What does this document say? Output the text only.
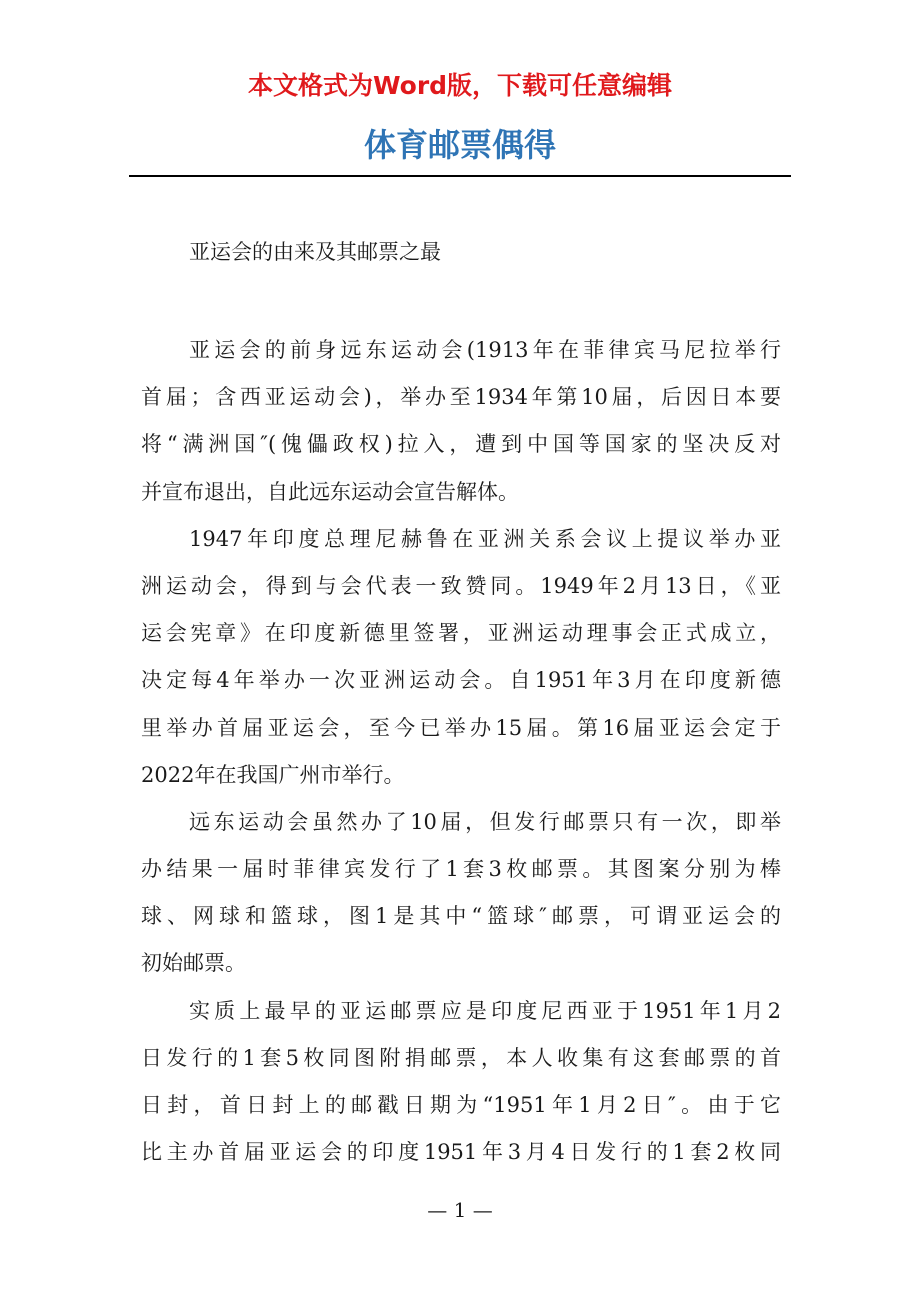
本文格式为Word版，下载可任意编辑
体育邮票偶得
亚运会的由来及其邮票之最

亚运会的前身远东运动会(1913年在菲律宾马尼拉举行
首届；含西亚运动会)，举办至1934年第10届，后因日本要
将“满洲国″(傀儡政权)拉入，遭到中国等国家的坚决反对
并宣布退出，自此远东运动会宣告解体。

1947年印度总理尼赫鲁在亚洲关系会议上提议举办亚
洲运动会，得到与会代表一致赞同。1949年2月13日，《亚
运会宪章》在印度新德里签署，亚洲运动理事会正式成立，
决定每4年举办一次亚洲运动会。自1951年3月在印度新德
里举办首届亚运会，至今已举办15届。第16届亚运会定于
2022年在我国广州市举行。

远东运动会虽然办了10届，但发行邮票只有一次，即举
办结果一届时菲律宾发行了1套3枚邮票。其图案分别为棒
球、网球和篮球，图1是其中“篮球″邮票，可谓亚运会的
初始邮票。

实质上最早的亚运邮票应是印度尼西亚于1951年1月2
日发行的1套5枚同图附捐邮票，本人收集有这套邮票的首
日封，首日封上的邮戳日期为“1951年1月2日″。由于它
比主办首届亚运会的印度1951年3月4日发行的1套2枚同

— 1 —
